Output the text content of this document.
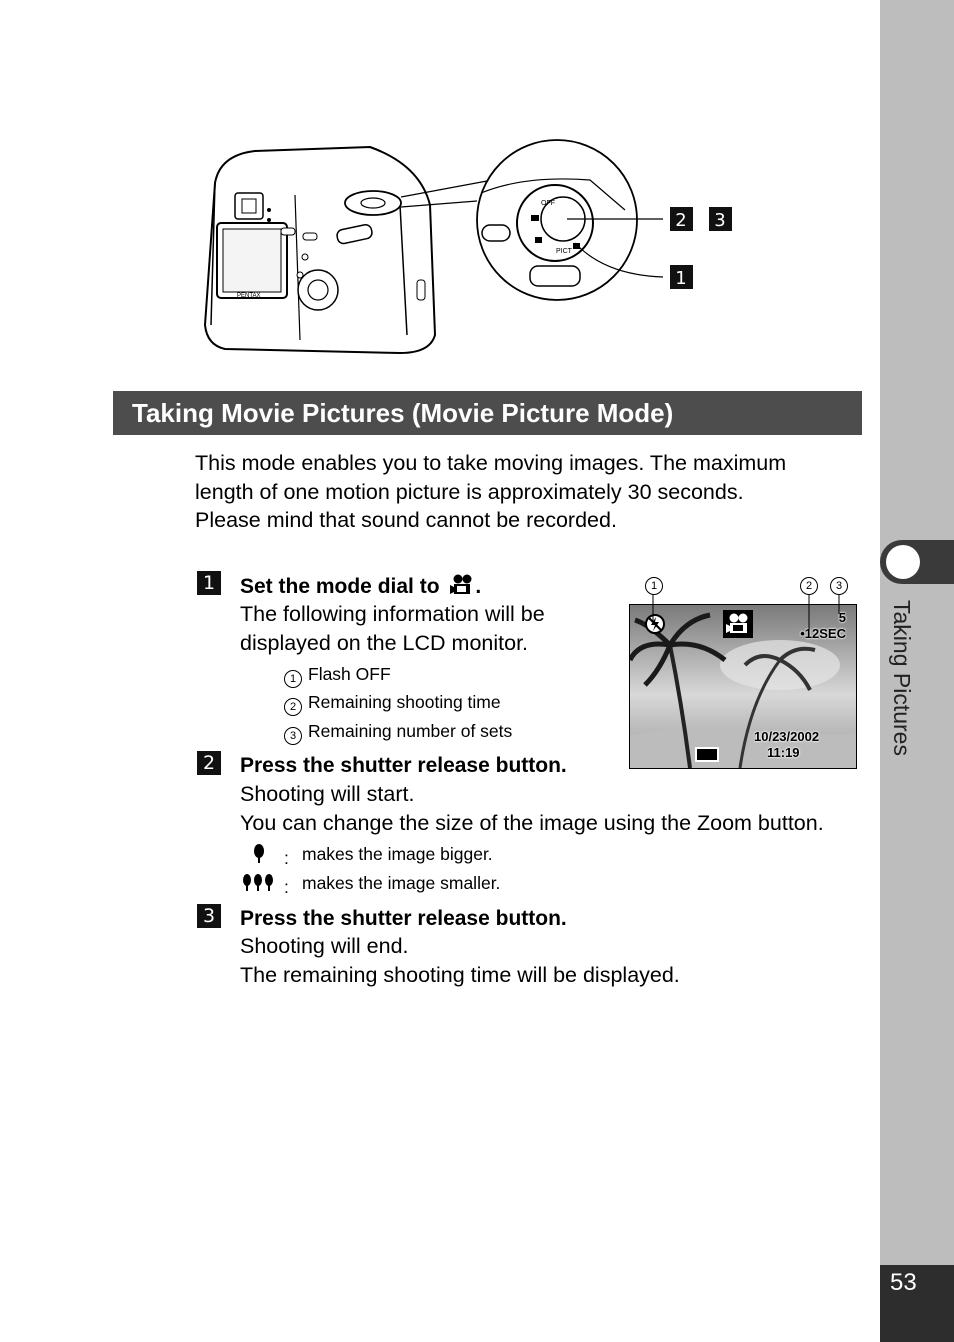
Taking Pictures
53
PENTAX
OFF
PICT
2 3
1
Taking Movie Pictures (Movie Picture Mode)
This mode enables you to take moving images. The maximum
length of one motion picture is approximately 30 seconds.
Please mind that sound cannot be recorded.
1 Set the mode dial to .
The following information will be
displayed on the LCD monitor.
1 Flash OFF
2 Remaining shooting time
3 Remaining number of sets
1	2	3
5
•12SEC
10/23/2002
11:19
2 Press the shutter release button.
Shooting will start.
You can change the size of the image using the Zoom button.
: makes the image bigger.
: makes the image smaller.
3 Press the shutter release button.
Shooting will end.
The remaining shooting time will be displayed.
